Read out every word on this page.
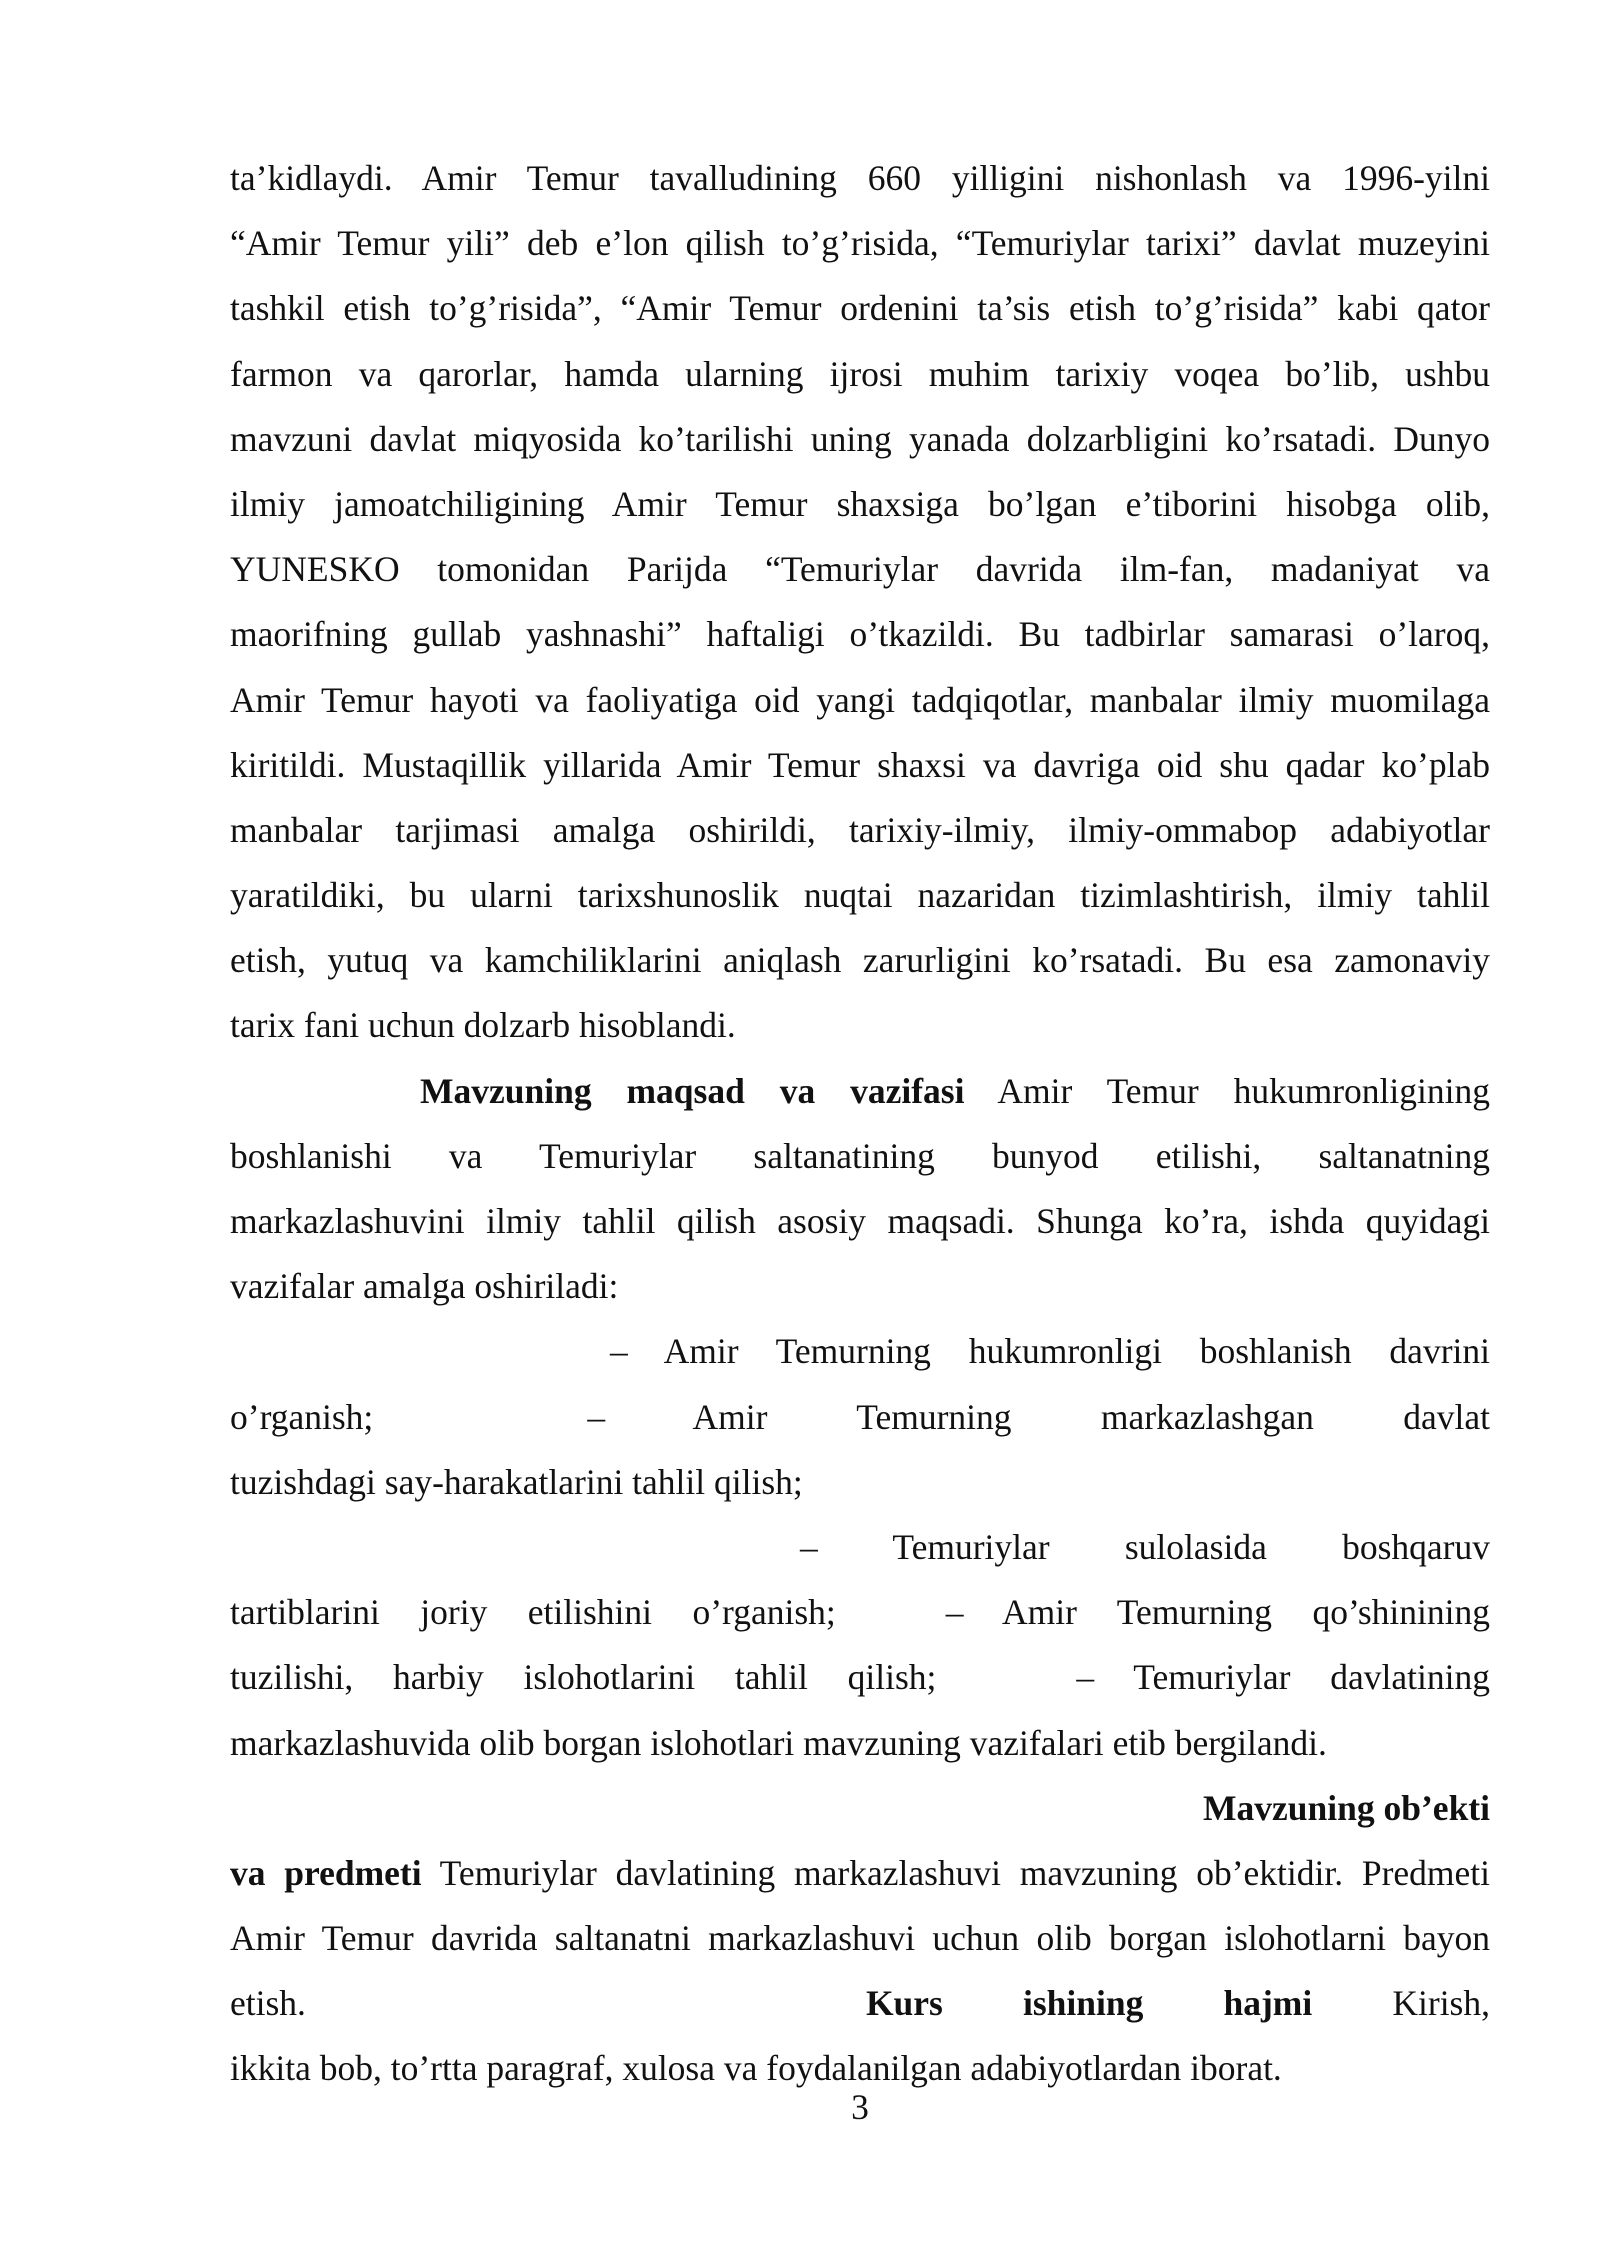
ta’kidlaydi. Amir Temur tavalludining 660 yilligini nishonlash va 1996-yilni
“Amir Temur yili” deb e’lon qilish to’g’risida, “Temuriylar tarixi” davlat muzeyini
tashkil etish to’g’risida”, “Amir Temur ordenini ta’sis etish to’g’risida” kabi qator
farmon va qarorlar, hamda ularning ijrosi muhim tarixiy voqea bo’lib, ushbu
mavzuni davlat miqyosida ko’tarilishi uning yanada dolzarbligini ko’rsatadi. Dunyo
ilmiy jamoatchiligining Amir Temur shaxsiga bo’lgan e’tiborini hisobga olib,
YUNESKO tomonidan Parijda “Temuriylar davrida ilm-fan, madaniyat va
maorifning gullab yashnashi” haftaligi o’tkazildi. Bu tadbirlar samarasi o’laroq,
Amir Temur hayoti va faoliyatiga oid yangi tadqiqotlar, manbalar ilmiy muomilaga
kiritildi. Mustaqillik yillarida Amir Temur shaxsi va davriga oid shu qadar ko’plab
manbalar tarjimasi amalga oshirildi, tarixiy-ilmiy, ilmiy-ommabop adabiyotlar
yaratildiki, bu ularni tarixshunoslik nuqtai nazaridan tizimlashtirish, ilmiy tahlil
etish, yutuq va kamchiliklarini aniqlash zarurligini ko’rsatadi. Bu esa zamonaviy
tarix fani uchun dolzarb hisoblandi.
Mavzuning maqsad va vazifasi Amir Temur hukumronligining
boshlanishi va Temuriylar saltanatining bunyod etilishi, saltanatning
markazlashuvini ilmiy tahlil qilish asosiy maqsadi. Shunga ko’ra, ishda quyidagi
vazifalar amalga oshiriladi:
– Amir Temurning hukumronligi boshlanish davrini
o’rganish;	– Amir Temurning markazlashgan davlat
tuzishdagi say-harakatlarini tahlil qilish;
– Temuriylar sulolasida boshqaruv
tartiblarini joriy etilishini o’rganish;	– Amir Temurning qo’shinining
tuzilishi, harbiy islohotlarini tahlil qilish;	– Temuriylar davlatining
markazlashuvida olib borgan islohotlari mavzuning vazifalari etib bergilandi.
Mavzuning ob’ekti
va predmeti Temuriylar davlatining markazlashuvi mavzuning ob’ektidir. Predmeti
Amir Temur davrida saltanatni markazlashuvi uchun olib borgan islohotlarni bayon
etish.	Kurs ishining hajmi Kirish,
ikkita bob, to’rtta paragraf, xulosa va foydalanilgan adabiyotlardan iborat.
3
